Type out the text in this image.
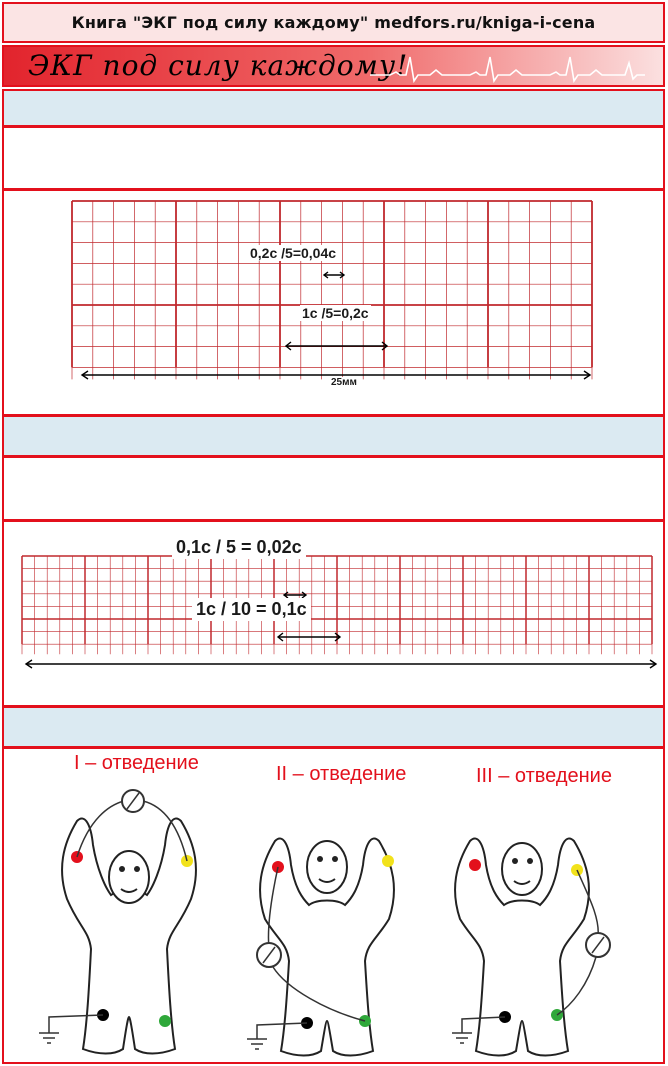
Книга "ЭКГ под силу каждому" medfors.ru/kniga-i-cena
ЭКГ под силу каждому!
0,2с /5=0,04с
1с /5=0,2с
25мм
0,1с / 5 = 0,02с
1с / 10 = 0,1с
I – отведение	II – отведение	III – отведение
